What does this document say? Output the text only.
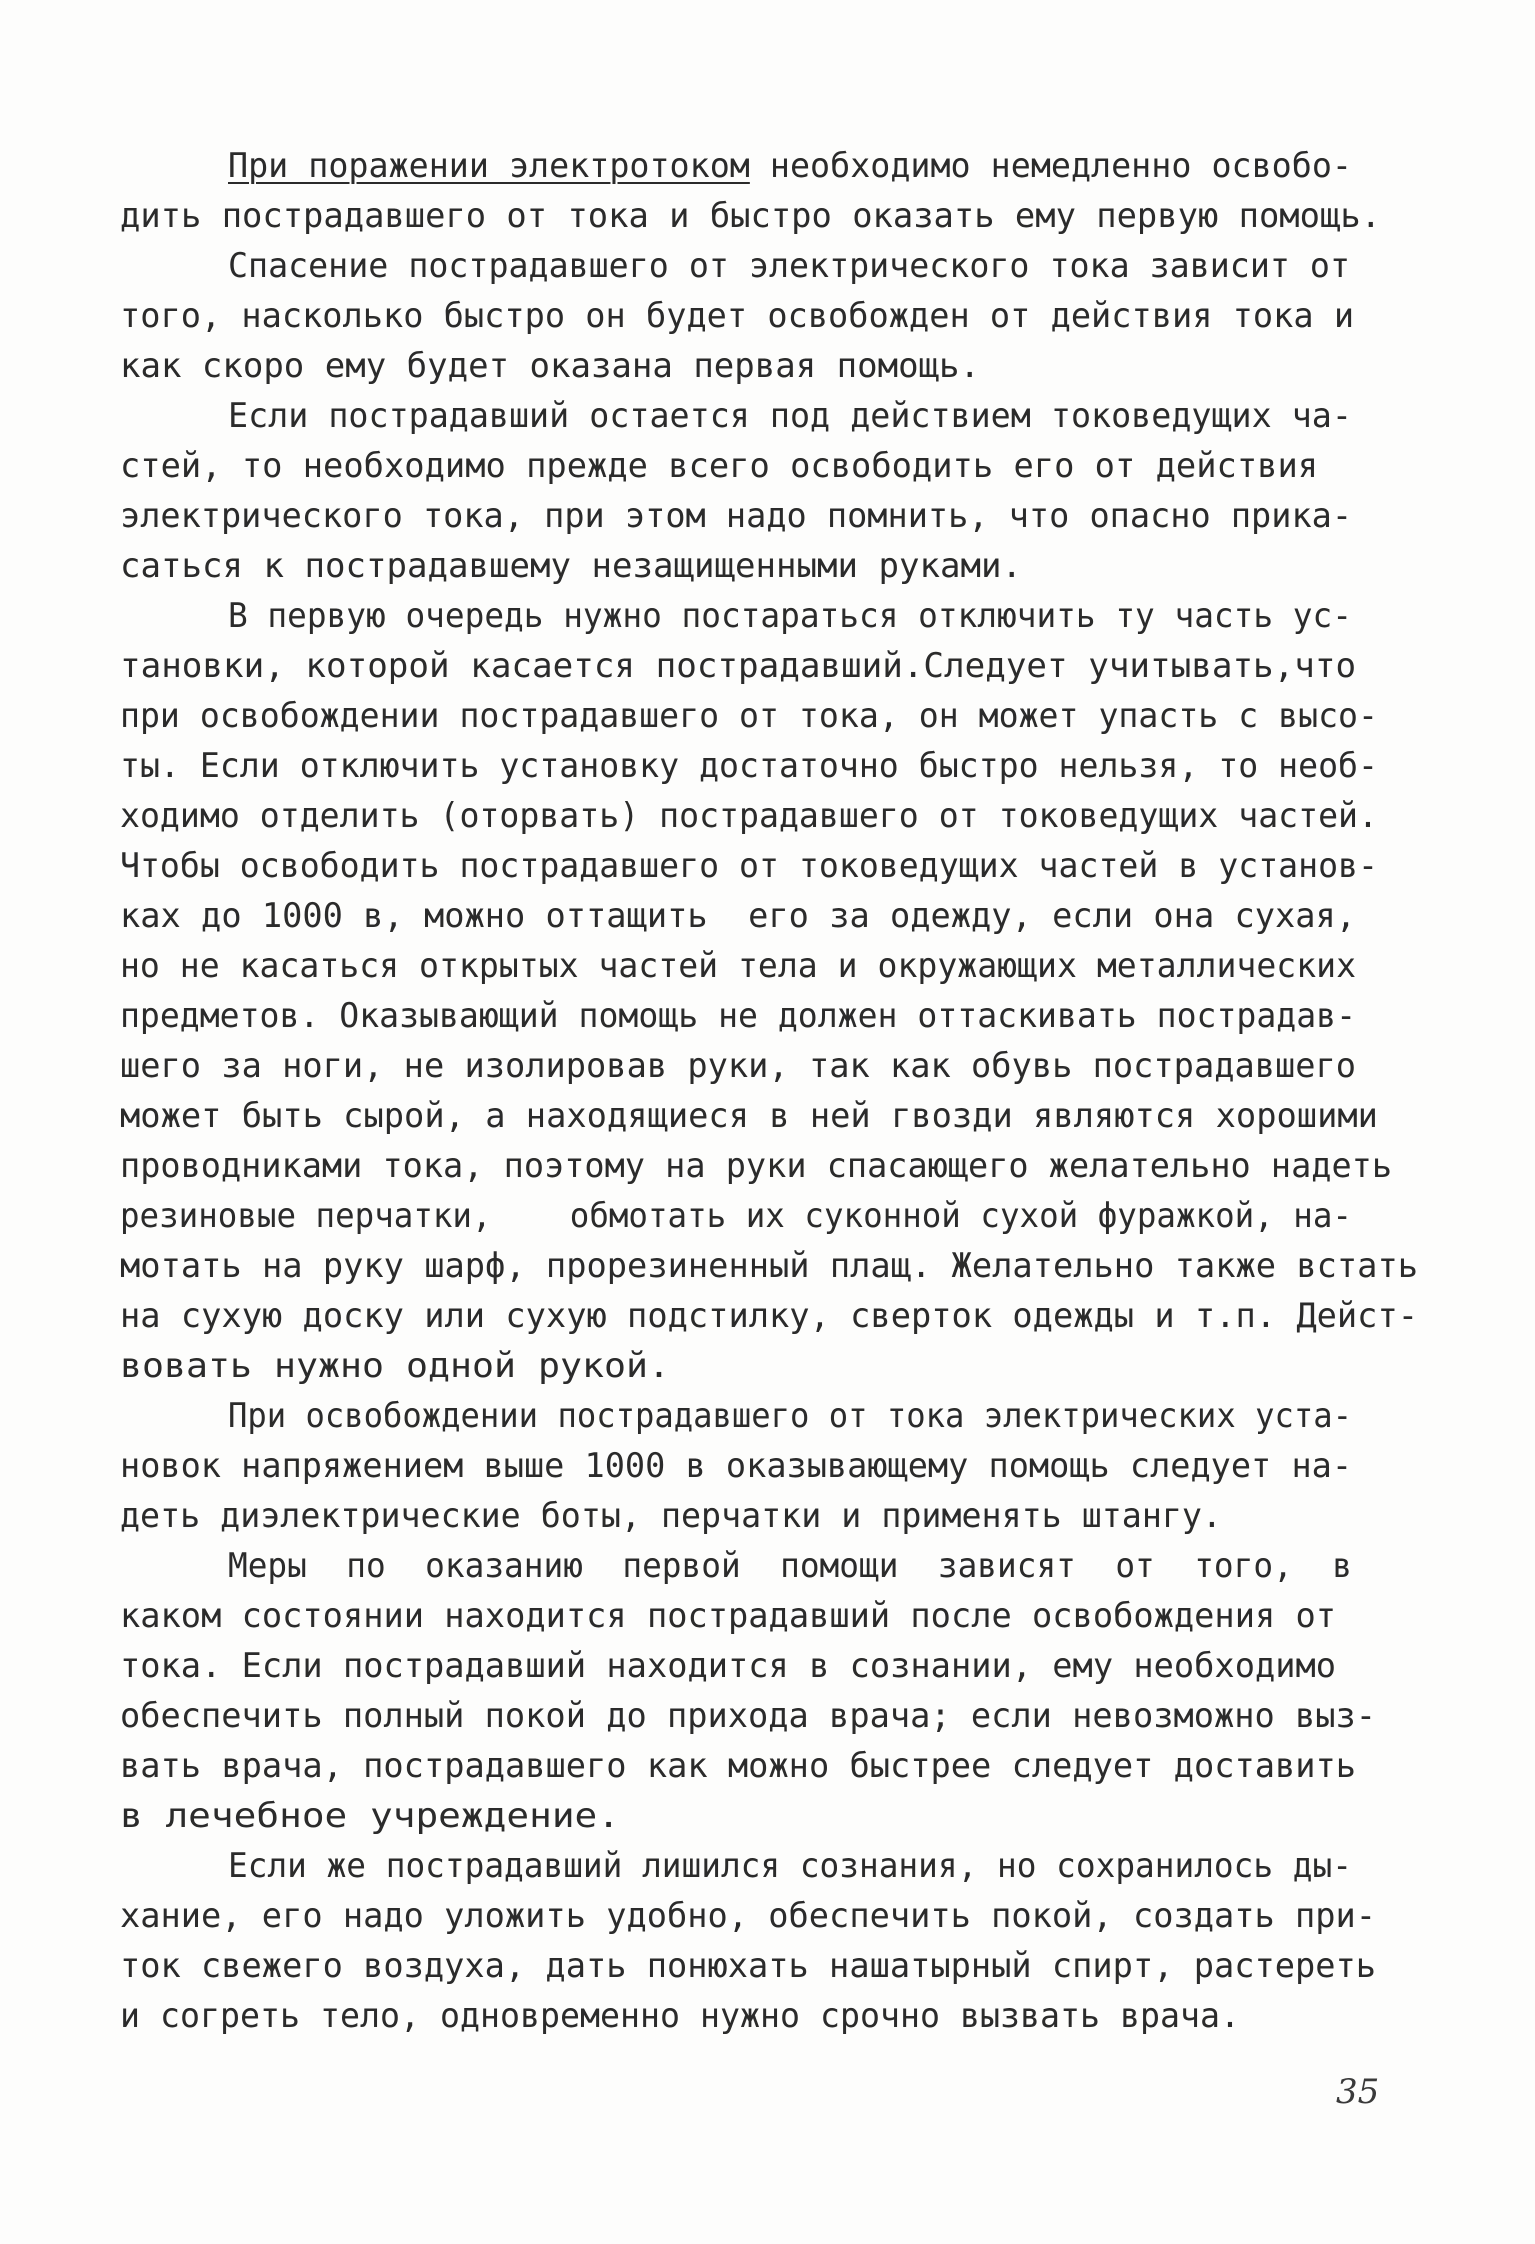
При поражении электротоком необходимо немедленно освобо-
дить пострадавшего от тока и быстро оказать ему первую помощь.
Спасение пострадавшего от электрического тока зависит от
того, насколько быстро он будет освобожден от действия тока и
как скоро ему будет оказана первая помощь.
Если пострадавший остается под действием токоведущих ча-
стей, то необходимо прежде всего освободить его от действия
электрического тока, при этом надо помнить, что опасно прика-
саться к пострадавшему незащищенными руками.
В первую очередь нужно постараться отключить ту часть ус-
тановки, которой касается пострадавший.Следует учитывать,что
при освобождении пострадавшего от тока, он может упасть с высо-
ты. Если отключить установку достаточно быстро нельзя, то необ-
ходимо отделить (оторвать) пострадавшего от токоведущих частей.
Чтобы освободить пострадавшего от токоведущих частей в установ-
ках до 1000 в, можно оттащить  его за одежду, если она сухая,
но не касаться открытых частей тела и окружающих металлических
предметов. Оказывающий помощь не должен оттаскивать пострадав-
шего за ноги, не изолировав руки, так как обувь пострадавшего
может быть сырой, а находящиеся в ней гвозди являются хорошими
проводниками тока, поэтому на руки спасающего желательно надеть
резиновые перчатки,    обмотать их суконной сухой фуражкой, на-
мотать на руку шарф, прорезиненный плащ. Желательно также встать
на сухую доску или сухую подстилку, сверток одежды и т.п. Дейст-
вовать нужно одной рукой.
При освобождении пострадавшего от тока электрических уста-
новок напряжением выше 1000 в оказывающему помощь следует на-
деть диэлектрические боты, перчатки и применять штангу.
Меры  по  оказанию  первой  помощи  зависят  от  того,  в
каком состоянии находится пострадавший после освобождения от
тока. Если пострадавший находится в сознании, ему необходимо
обеспечить полный покой до прихода врача; если невозможно выз-
вать врача, пострадавшего как можно быстрее следует доставить
в лечебное учреждение.
Если же пострадавший лишился сознания, но сохранилось ды-
хание, его надо уложить удобно, обеспечить покой, создать при-
ток свежего воздуха, дать понюхать нашатырный спирт, растереть
и согреть тело, одновременно нужно срочно вызвать врача.
35
